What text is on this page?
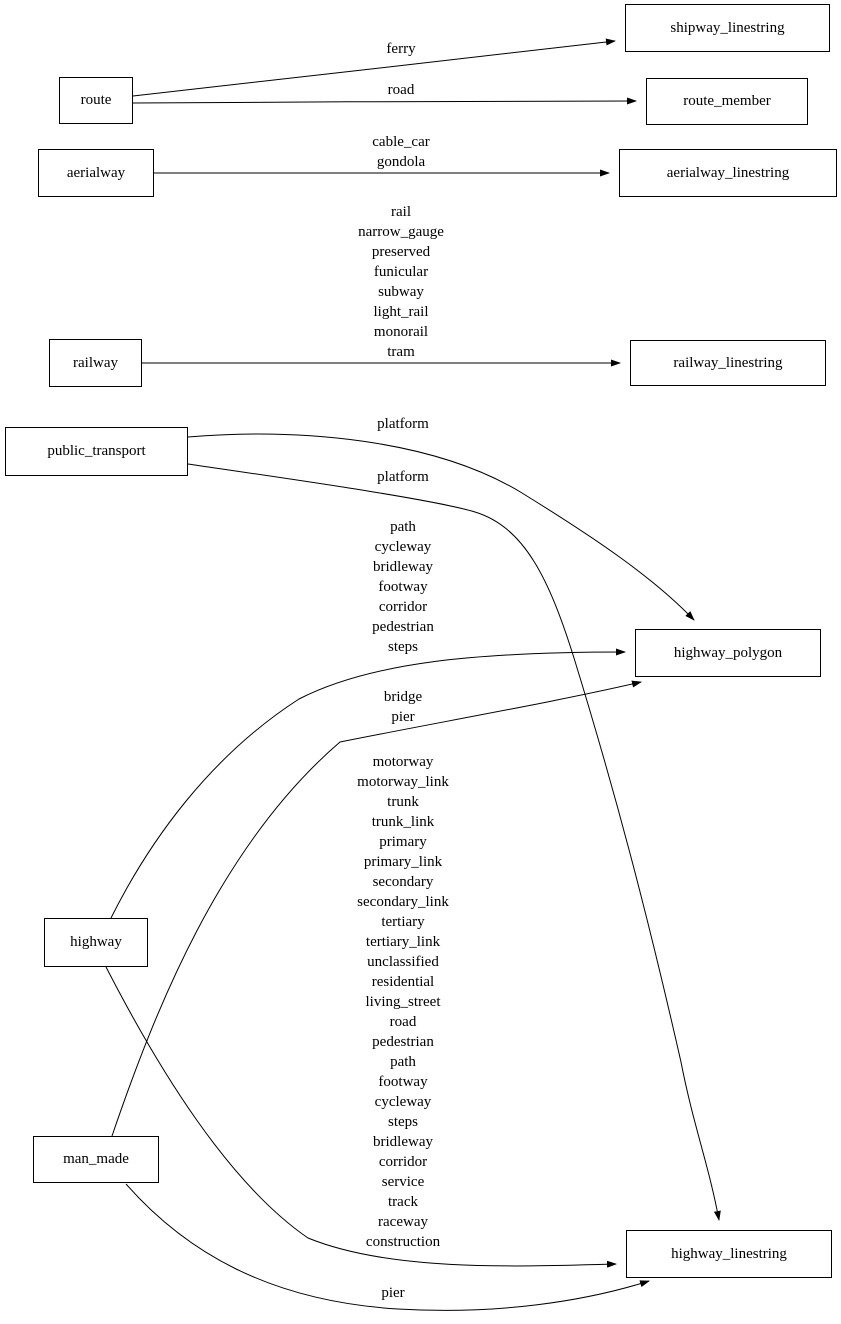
route
shipway_linestring
route_member
aerialway	aerialway_linestring
railway	railway_linestring
public_transport
highway
man_made
highway_polygon
highway_linestring
ferry
road
cable_car
gondola
rail
narrow_gauge
preserved
funicular
subway
light_rail
monorail
tram
platform
platform
path
cycleway
bridleway
footway
corridor
pedestrian
steps
bridge
pier
motorway
motorway_link
trunk
trunk_link
primary
primary_link
secondary
secondary_link
tertiary
tertiary_link
unclassified
residential
living_street
road
pedestrian
path
footway
cycleway
steps
bridleway
corridor
service
track
raceway
construction
pier
